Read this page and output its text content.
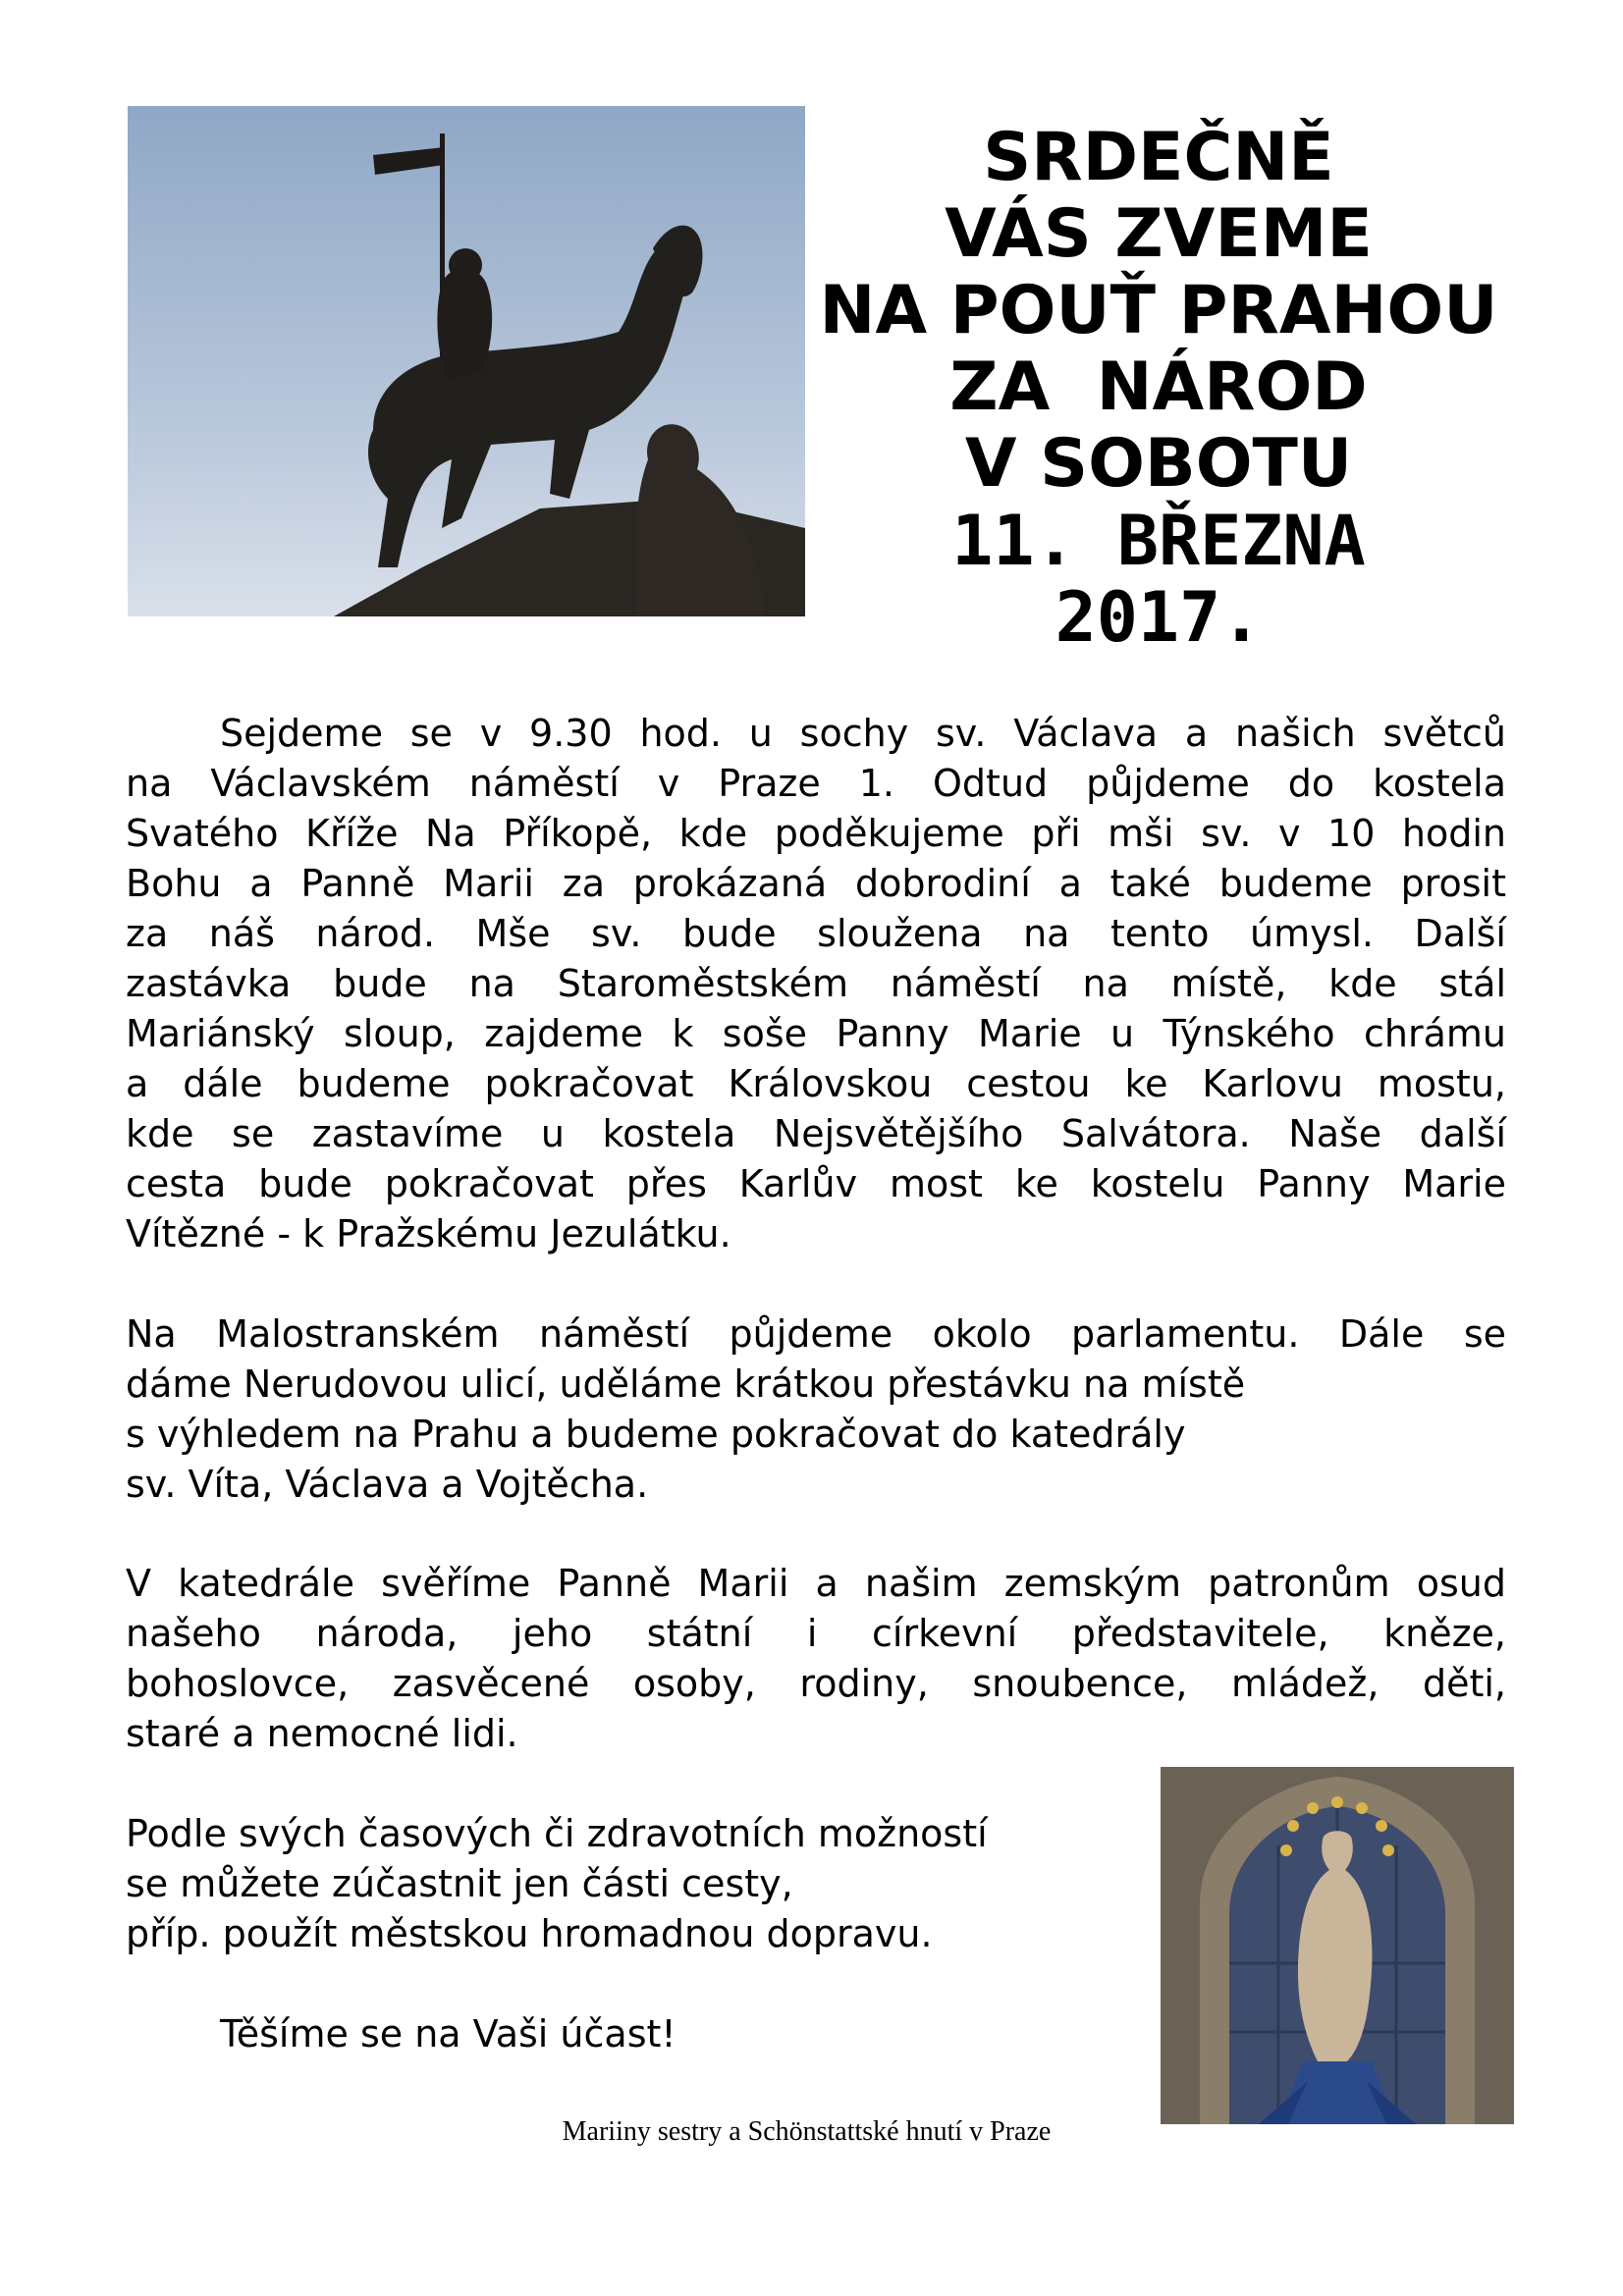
SRDEČNĚ
VÁS ZVEME
NA POUŤ PRAHOU
ZA  NÁROD
V SOBOTU
11. BŘEZNA
2017.
Sejdeme se v 9.30 hod. u sochy sv. Václava a našich světců
na Václavském náměstí v Praze 1. Odtud půjdeme do kostela
Svatého Kříže Na Příkopě, kde poděkujeme při mši sv. v 10 hodin
Bohu a Panně Marii za prokázaná dobrodiní a také budeme prosit
za náš národ. Mše sv. bude sloužena na tento úmysl. Další
zastávka bude na Staroměstském náměstí na místě, kde stál
Mariánský sloup, zajdeme k soše Panny Marie u Týnského chrámu
a dále budeme pokračovat Královskou cestou ke Karlovu mostu,
kde se zastavíme u kostela Nejsvětějšího Salvátora. Naše další
cesta bude pokračovat přes Karlův most ke kostelu Panny Marie
Vítězné - k Pražskému Jezulátku.
Na Malostranském náměstí půjdeme okolo parlamentu. Dále se
dáme Nerudovou ulicí, uděláme krátkou přestávku na místě
s výhledem na Prahu a budeme pokračovat do katedrály
sv. Víta, Václava a Vojtěcha.
V katedrále svěříme Panně Marii a našim zemským patronům osud
našeho národa, jeho státní i církevní představitele, kněze,
bohoslovce, zasvěcené osoby, rodiny, snoubence, mládež, děti,
staré a nemocné lidi.
Podle svých časových či zdravotních možností
se můžete zúčastnit jen části cesty,
příp. použít městskou hromadnou dopravu.
Těšíme se na Vaši účast!
Mariiny sestry a Schönstattské hnutí v Praze
